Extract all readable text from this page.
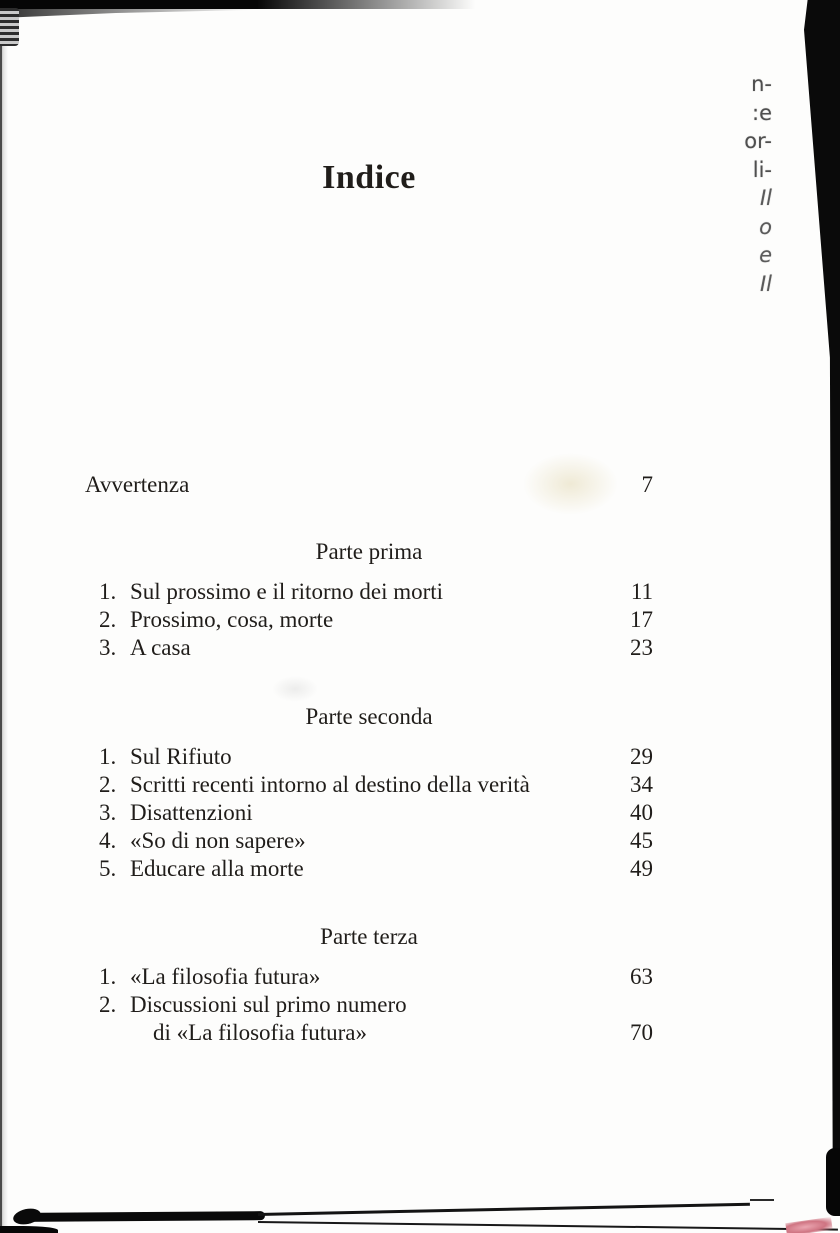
n-
:e
or-
li-
Il
o
e
Il
Indice
Avvertenza	7
Parte prima
1. Sul prossimo e il ritorno dei morti	11
2. Prossimo, cosa, morte	17
3. A casa	23
Parte seconda
1. Sul Rifiuto	29
2. Scritti recenti intorno al destino della verità	34
3. Disattenzioni	40
4. «So di non sapere»	45
5. Educare alla morte	49
Parte terza
1. «La filosofia futura»	63
2. Discussioni sul primo numero
di «La filosofia futura»	70
